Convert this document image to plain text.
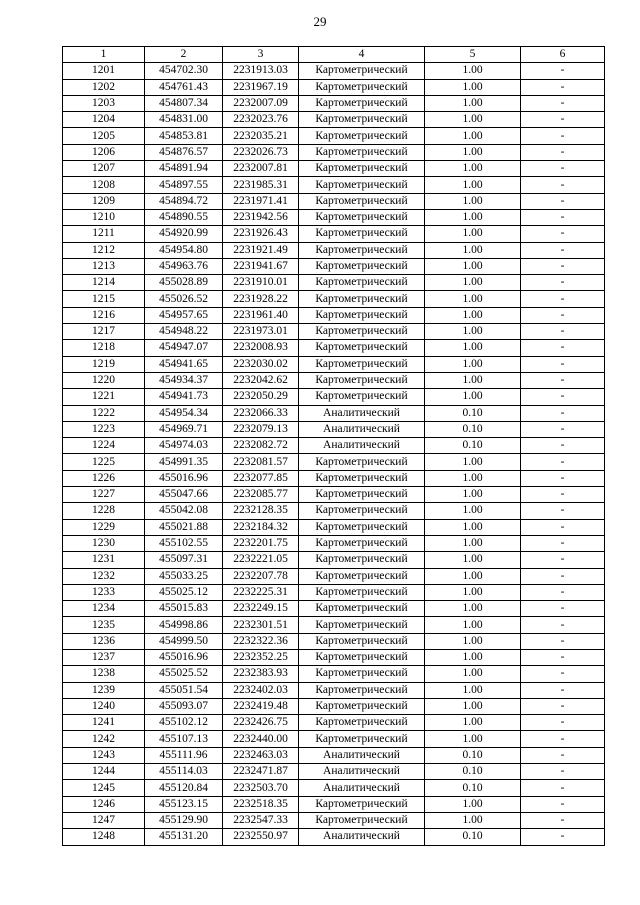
29
1	2	3	4	5	6
1201	454702.30	2231913.03	Картометрический	1.00	-
1202	454761.43	2231967.19	Картометрический	1.00	-
1203	454807.34	2232007.09	Картометрический	1.00	-
1204	454831.00	2232023.76	Картометрический	1.00	-
1205	454853.81	2232035.21	Картометрический	1.00	-
1206	454876.57	2232026.73	Картометрический	1.00	-
1207	454891.94	2232007.81	Картометрический	1.00	-
1208	454897.55	2231985.31	Картометрический	1.00	-
1209	454894.72	2231971.41	Картометрический	1.00	-
1210	454890.55	2231942.56	Картометрический	1.00	-
1211	454920.99	2231926.43	Картометрический	1.00	-
1212	454954.80	2231921.49	Картометрический	1.00	-
1213	454963.76	2231941.67	Картометрический	1.00	-
1214	455028.89	2231910.01	Картометрический	1.00	-
1215	455026.52	2231928.22	Картометрический	1.00	-
1216	454957.65	2231961.40	Картометрический	1.00	-
1217	454948.22	2231973.01	Картометрический	1.00	-
1218	454947.07	2232008.93	Картометрический	1.00	-
1219	454941.65	2232030.02	Картометрический	1.00	-
1220	454934.37	2232042.62	Картометрический	1.00	-
1221	454941.73	2232050.29	Картометрический	1.00	-
1222	454954.34	2232066.33	Аналитический	0.10	-
1223	454969.71	2232079.13	Аналитический	0.10	-
1224	454974.03	2232082.72	Аналитический	0.10	-
1225	454991.35	2232081.57	Картометрический	1.00	-
1226	455016.96	2232077.85	Картометрический	1.00	-
1227	455047.66	2232085.77	Картометрический	1.00	-
1228	455042.08	2232128.35	Картометрический	1.00	-
1229	455021.88	2232184.32	Картометрический	1.00	-
1230	455102.55	2232201.75	Картометрический	1.00	-
1231	455097.31	2232221.05	Картометрический	1.00	-
1232	455033.25	2232207.78	Картометрический	1.00	-
1233	455025.12	2232225.31	Картометрический	1.00	-
1234	455015.83	2232249.15	Картометрический	1.00	-
1235	454998.86	2232301.51	Картометрический	1.00	-
1236	454999.50	2232322.36	Картометрический	1.00	-
1237	455016.96	2232352.25	Картометрический	1.00	-
1238	455025.52	2232383.93	Картометрический	1.00	-
1239	455051.54	2232402.03	Картометрический	1.00	-
1240	455093.07	2232419.48	Картометрический	1.00	-
1241	455102.12	2232426.75	Картометрический	1.00	-
1242	455107.13	2232440.00	Картометрический	1.00	-
1243	455111.96	2232463.03	Аналитический	0.10	-
1244	455114.03	2232471.87	Аналитический	0.10	-
1245	455120.84	2232503.70	Аналитический	0.10	-
1246	455123.15	2232518.35	Картометрический	1.00	-
1247	455129.90	2232547.33	Картометрический	1.00	-
1248	455131.20	2232550.97	Аналитический	0.10	-
